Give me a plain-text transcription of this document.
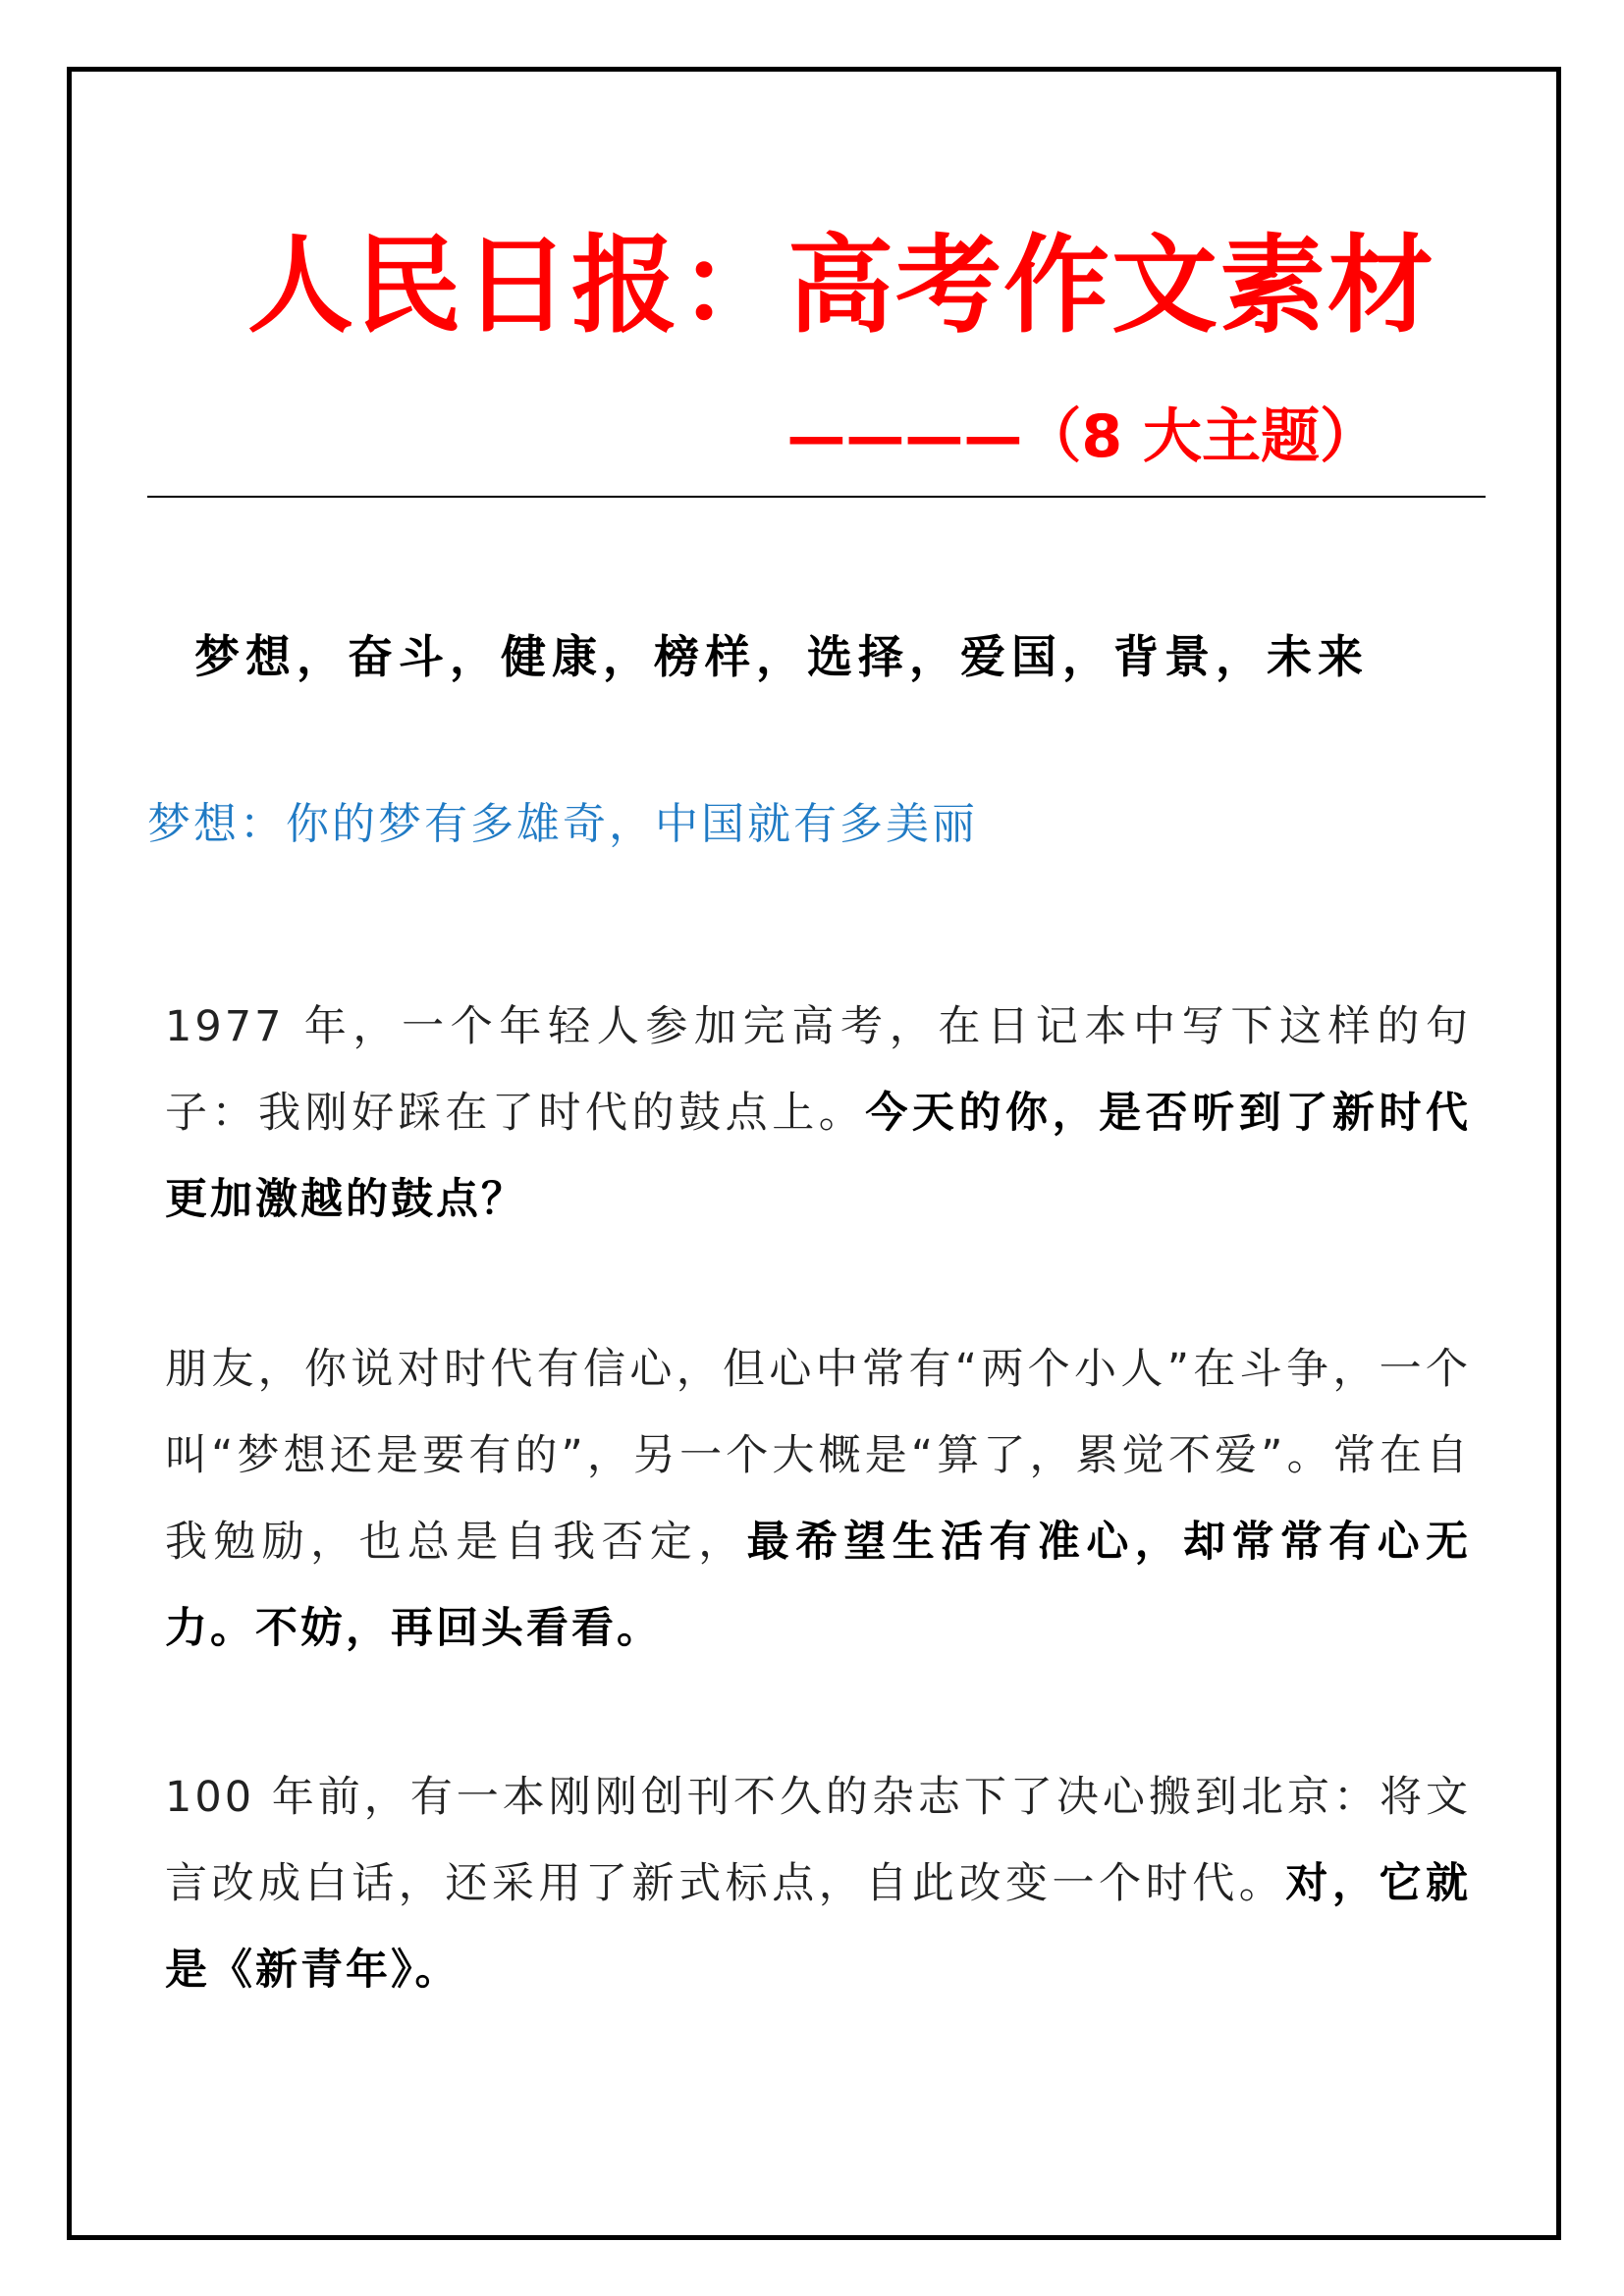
人民日报：高考作文素材
————（8 大主题）
梦想，奋斗，健康，榜样，选择，爱国，背景，未来
梦想：你的梦有多雄奇，中国就有多美丽
1977 年，一个年轻人参加完高考，在日记本中写下这样的句子：我刚好踩在了时代的鼓点上。今天的你，是否听到了新时代更加激越的鼓点？
朋友，你说对时代有信心，但心中常有“两个小人”在斗争，一个叫“梦想还是要有的”，另一个大概是“算了，累觉不爱”。常在自我勉励，也总是自我否定，最希望生活有准心，却常常有心无力。不妨，再回头看看。
100 年前，有一本刚刚创刊不久的杂志下了决心搬到北京：将文言改成白话，还采用了新式标点，自此改变一个时代。对，它就是《新青年》。
